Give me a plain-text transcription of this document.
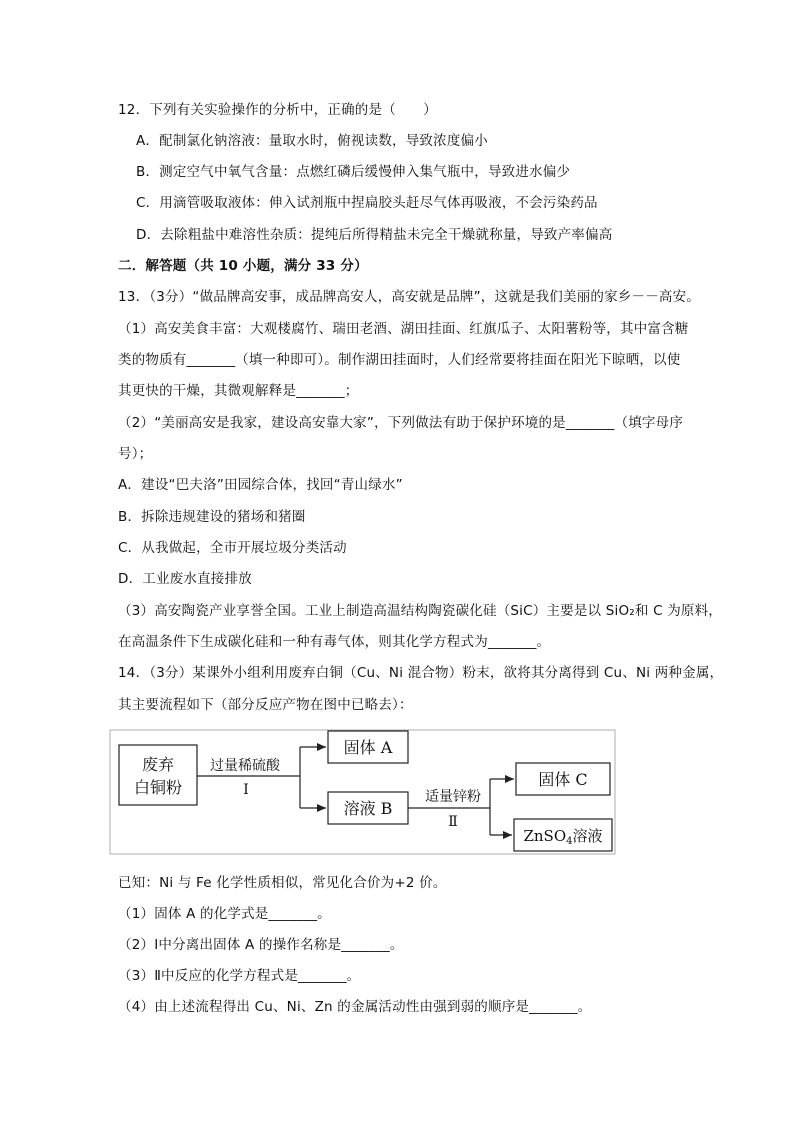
12．下列有关实验操作的分析中，正确的是（　　）
A．配制氯化钠溶液：量取水时，俯视读数，导致浓度偏小
B．测定空气中氧气含量：点燃红磷后缓慢伸入集气瓶中，导致进水偏少
C．用滴管吸取液体：伸入试剂瓶中捏扁胶头赶尽气体再吸液，不会污染药品
D．去除粗盐中难溶性杂质：提纯后所得精盐未完全干燥就称量，导致产率偏高
二．解答题（共 10 小题，满分 33 分）
13．（3分）“做品牌高安事，成品牌高安人，高安就是品牌”，这就是我们美丽的家乡－－高安。
（1）高安美食丰富：大观楼腐竹、瑞田老酒、湖田挂面、红旗瓜子、太阳薯粉等，其中富含糖
类的物质有_______（填一种即可）。制作湖田挂面时，人们经常要将挂面在阳光下晾晒，以使
其更快的干燥，其微观解释是_______；
（2）“美丽高安是我家，建设高安靠大家”，下列做法有助于保护环境的是_______（填字母序
号）；
A．建设“巴夫洛”田园综合体，找回“青山绿水”
B．拆除违规建设的猪场和猪圈
C．从我做起，全市开展垃圾分类活动
D．工业废水直接排放
（3）高安陶瓷产业享誉全国。工业上制造高温结构陶瓷碳化硅（SiC）主要是以 SiO₂和 C 为原料，
在高温条件下生成碳化硅和一种有毒气体，则其化学方程式为_______。
14．（3分）某课外小组利用废弃白铜（Cu、Ni 混合物）粉末，欲将其分离得到 Cu、Ni 两种金属，
其主要流程如下（部分反应产物在图中已略去）：
废弃
白铜粉
过量稀硫酸
Ⅰ
固体 A
溶液 B
适量锌粉
Ⅱ
固体 C
ZnSO$_4$溶液
已知：Ni 与 Fe 化学性质相似，常见化合价为+2 价。
（1）固体 A 的化学式是_______。
（2）Ⅰ中分离出固体 A 的操作名称是_______。
（3）Ⅱ中反应的化学方程式是_______。
（4）由上述流程得出 Cu、Ni、Zn 的金属活动性由强到弱的顺序是_______。
